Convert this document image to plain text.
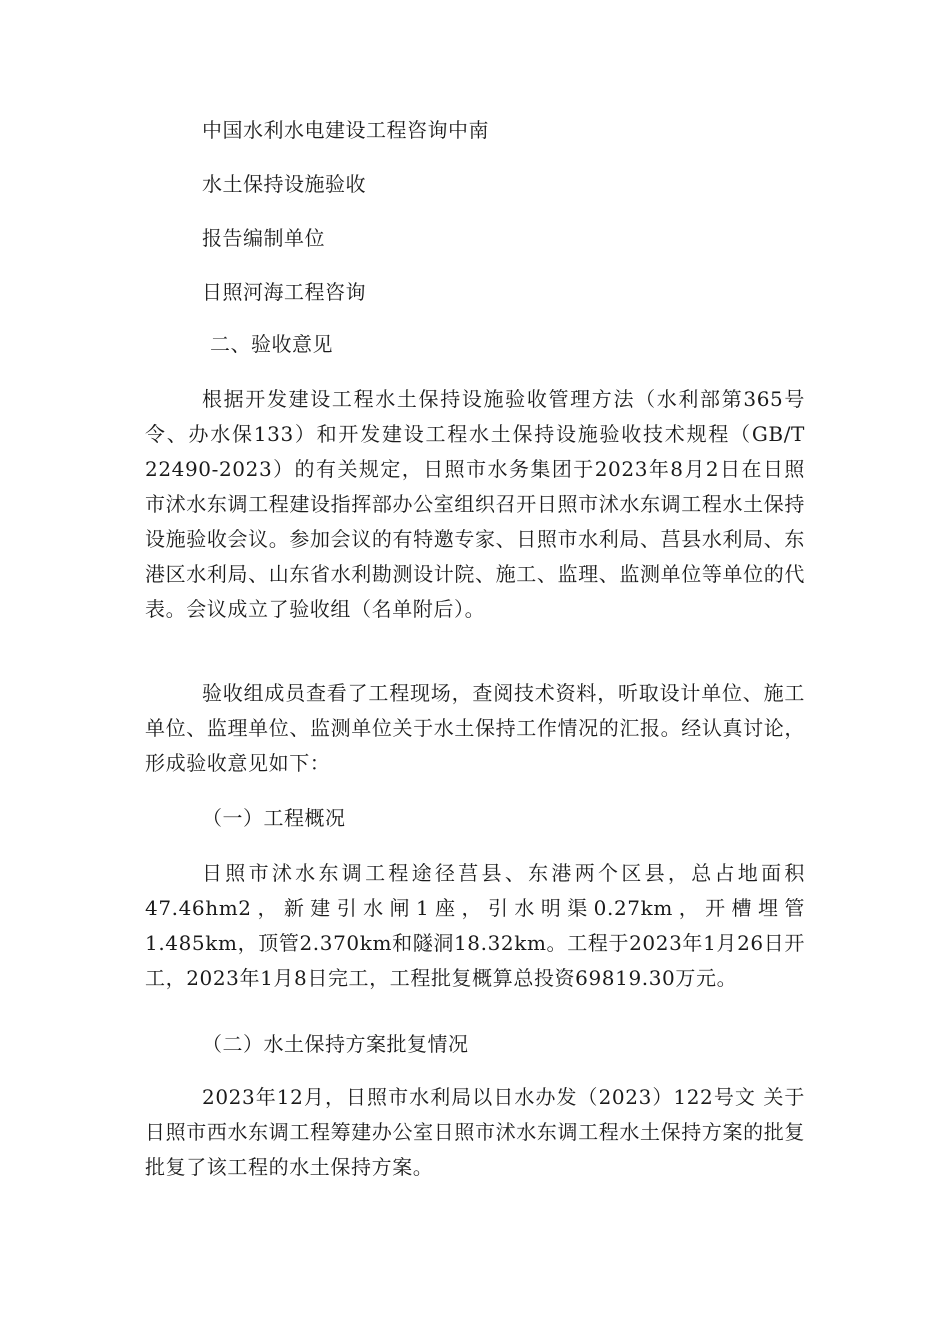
中国水利水电建设工程咨询中南
水土保持设施验收
报告编制单位
日照河海工程咨询
二、验收意见
根据开发建设工程水土保持设施验收管理方法（水利部第365号令、办水保133）和开发建设工程水土保持设施验收技术规程（GB/T 22490-2023）的有关规定，日照市水务集团于2023年8月2日在日照市沭水东调工程建设指挥部办公室组织召开日照市沭水东调工程水土保持设施验收会议。参加会议的有特邀专家、日照市水利局、莒县水利局、东港区水利局、山东省水利勘测设计院、施工、监理、监测单位等单位的代表。会议成立了验收组（名单附后）。
验收组成员查看了工程现场，查阅技术资料，听取设计单位、施工单位、监理单位、监测单位关于水土保持工作情况的汇报。经认真讨论，形成验收意见如下：
（一）工程概况
日照市沭水东调工程途径莒县、东港两个区县，总占地面积47.46hm2，新建引水闸1座，引水明渠0.27km，开槽埋管1.485km，顶管2.370km和隧洞18.32km。工程于2023年1月26日开工，2023年1月8日完工，工程批复概算总投资69819.30万元。
（二）水土保持方案批复情况
2023年12月，日照市水利局以日水办发（2023）122号文 关于日照市西水东调工程筹建办公室日照市沭水东调工程水土保持方案的批复批复了该工程的水土保持方案。
